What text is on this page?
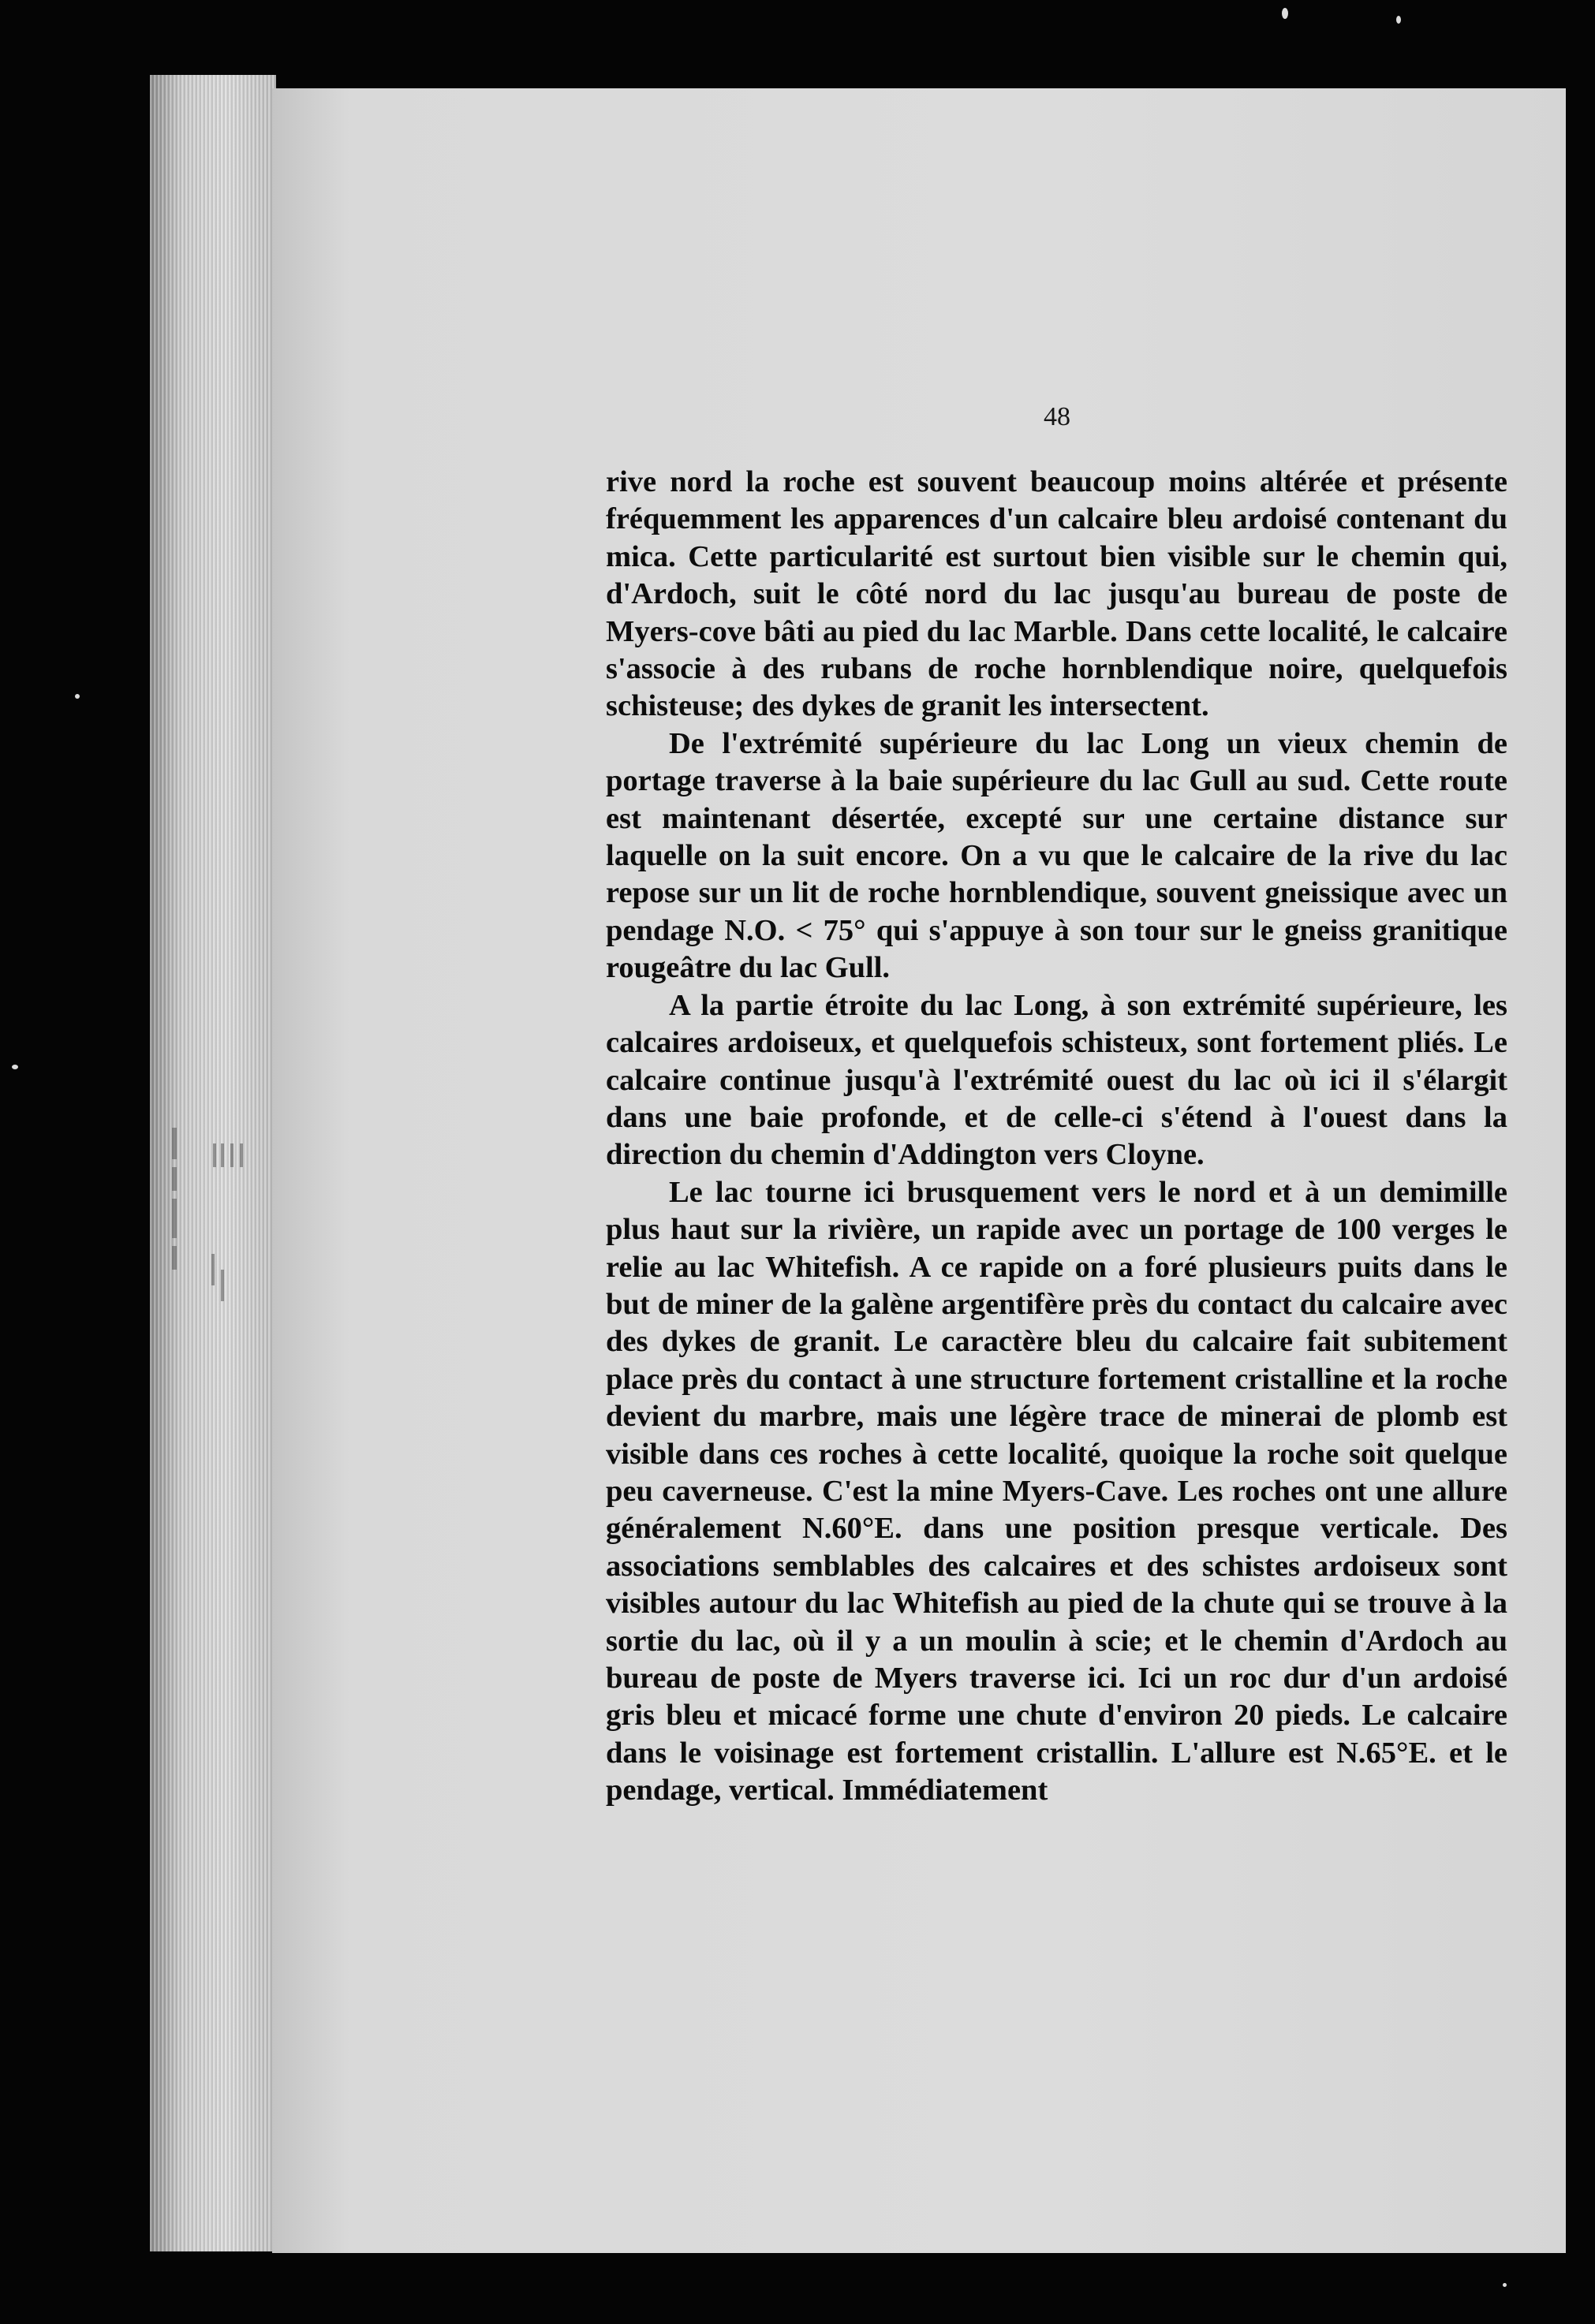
48

rive nord la roche est souvent beaucoup moins altérée et présente fréquemment les apparences d'un calcaire bleu ardoisé contenant du mica. Cette particularité est surtout bien visible sur le chemin qui, d'Ardoch, suit le côté nord du lac jusqu'au bureau de poste de Myers-cove bâti au pied du lac Marble. Dans cette localité, le calcaire s'associe à des rubans de roche hornblendique noire, quelquefois schisteuse; des dykes de granit les intersectent.

De l'extrémité supérieure du lac Long un vieux chemin de portage traverse à la baie supérieure du lac Gull au sud. Cette route est maintenant désertée, excepté sur une certaine distance sur laquelle on la suit encore. On a vu que le calcaire de la rive du lac repose sur un lit de roche hornblendique, souvent gneissique avec un pendage N.O. < 75° qui s'appuye à son tour sur le gneiss granitique rougeâtre du lac Gull.

A la partie étroite du lac Long, à son extrémité supérieure, les calcaires ardoiseux, et quelquefois schisteux, sont fortement pliés. Le calcaire continue jusqu'à l'extrémité ouest du lac où ici il s'élargit dans une baie profonde, et de celle-ci s'étend à l'ouest dans la direction du chemin d'Addington vers Cloyne.

Le lac tourne ici brusquement vers le nord et à un demimille plus haut sur la rivière, un rapide avec un portage de 100 verges le relie au lac Whitefish. A ce rapide on a foré plusieurs puits dans le but de miner de la galène argentifère près du contact du calcaire avec des dykes de granit. Le caractère bleu du calcaire fait subitement place près du contact à une structure fortement cristalline et la roche devient du marbre, mais une légère trace de minerai de plomb est visible dans ces roches à cette localité, quoique la roche soit quelque peu caverneuse. C'est la mine Myers-Cave. Les roches ont une allure généralement N.60°E. dans une position presque verticale. Des associations semblables des calcaires et des schistes ardoiseux sont visibles autour du lac Whitefish au pied de la chute qui se trouve à la sortie du lac, où il y a un moulin à scie; et le chemin d'Ardoch au bureau de poste de Myers traverse ici. Ici un roc dur d'un ardoisé gris bleu et micacé forme une chute d'environ 20 pieds. Le calcaire dans le voisinage est fortement cristallin. L'allure est N.65°E. et le pendage, vertical. Immédiatement
